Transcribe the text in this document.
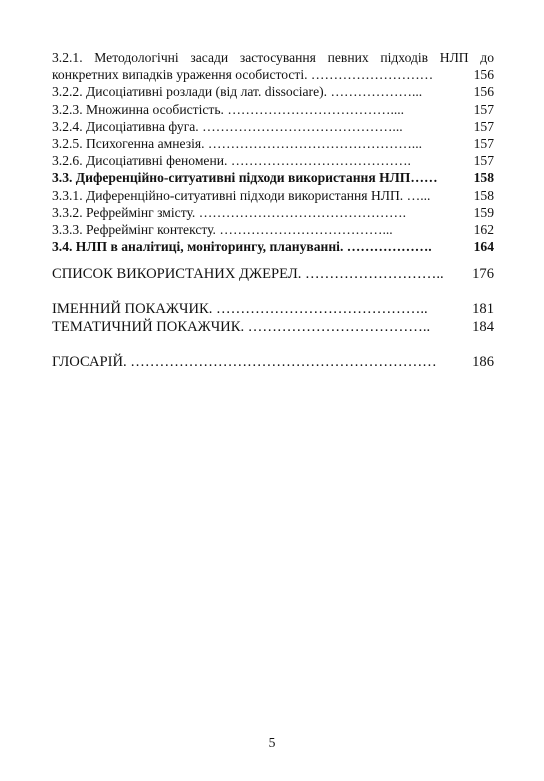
3.2.1. Методологічні засади застосування певних підходів НЛП до
конкретних випадків ураження особистості. ………………………	156
3.2.2. Дисоціативні розлади (від лат. dissociare). ………………...	156
3.2.3. Множинна особистість. ………………………………....	157
3.2.4. Дисоціативна фуга. ……………………………………...	157
3.2.5. Психогенна амнезія. ………………………………………...	157
3.2.6. Дисоціативні феномени. ………………………………….	157
3.3. Диференційно-ситуативні підходи використання НЛП……	158
3.3.1. Диференційно-ситуативні підходи використання НЛП. …...	158
3.3.2. Рефреймінг змісту. ……………………………………….	159
3.3.3. Рефреймінг контексту. ………………………………...	162
3.4. НЛП в аналітиці, моніторингу, плануванні. ……………….	164
СПИСОК ВИКОРИСТАНИХ ДЖЕРЕЛ. ………………………..	176
ІМЕННИЙ ПОКАЖЧИК. ……………………………………..	181
ТЕМАТИЧНИЙ ПОКАЖЧИК. ………………………………..	184
ГЛОСАРІЙ. ………………………………………………………	186
5
